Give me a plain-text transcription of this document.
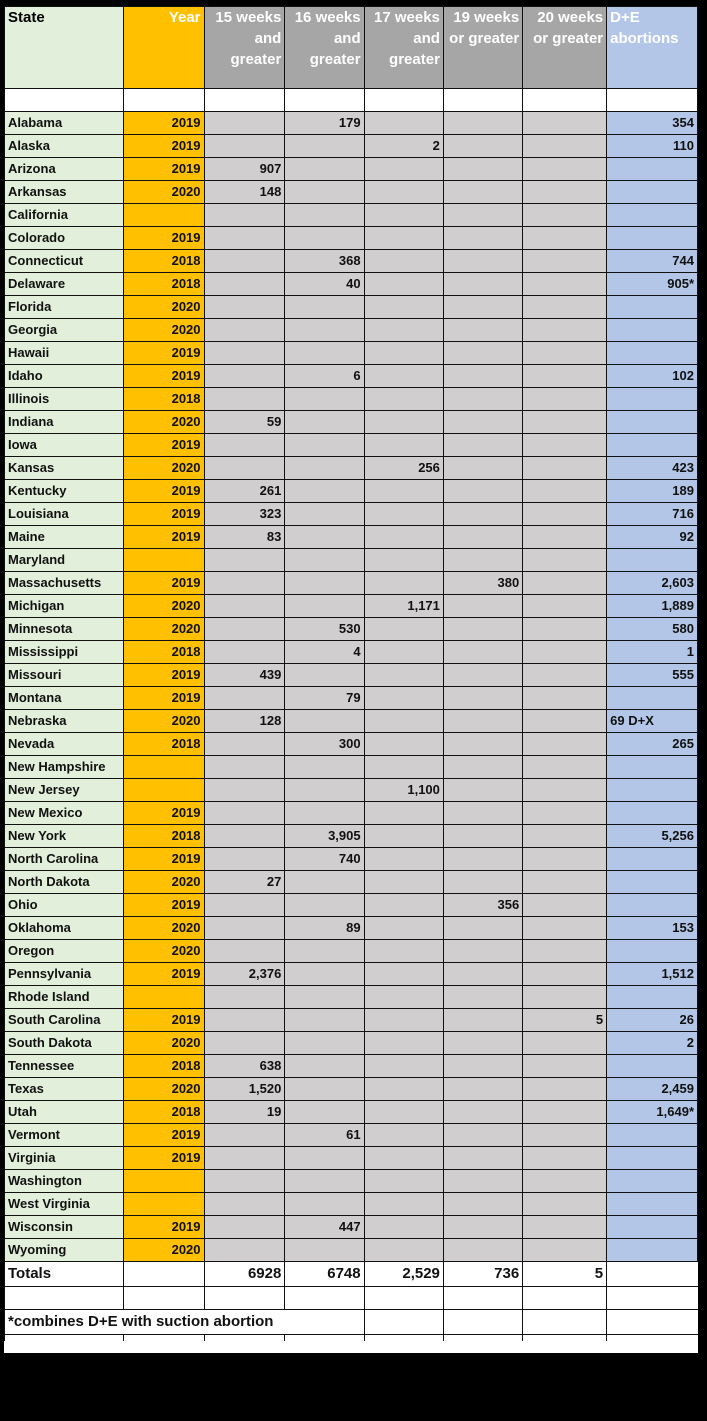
State	Year	15 weeks and greater	16 weeks and greater	17 weeks and greater	19 weeks or greater	20 weeks or greater	D+E abortions

Alabama	2019		179				354
Alaska	2019			2			110
Arizona	2019	907					
Arkansas	2020	148					
California							
Colorado	2019						
Connecticut	2018		368				744
Delaware	2018		40				905*
Florida	2020						
Georgia	2020						
Hawaii	2019						
Idaho	2019		6				102
Illinois	2018						
Indiana	2020	59					
Iowa	2019						
Kansas	2020			256			423
Kentucky	2019	261					189
Louisiana	2019	323					716
Maine	2019	83					92
Maryland							
Massachusetts	2019				380		2,603
Michigan	2020			1,171			1,889
Minnesota	2020		530				580
Mississippi	2018		4				1
Missouri	2019	439					555
Montana	2019		79				
Nebraska	2020	128					69 D+X
Nevada	2018		300				265
New Hampshire							
New Jersey				1,100			
New Mexico	2019						
New York	2018		3,905				5,256
North Carolina	2019		740				
North Dakota	2020	27					
Ohio	2019				356		
Oklahoma	2020		89				153
Oregon	2020						
Pennsylvania	2019	2,376					1,512
Rhode Island							
South Carolina	2019					5	26
South Dakota	2020						2
Tennessee	2018	638					
Texas	2020	1,520					2,459
Utah	2018	19					1,649*
Vermont	2019		61				
Virginia	2019						
Washington							
West Virginia							
Wisconsin	2019		447				
Wyoming	2020						
Totals		6928	6748	2,529	736	5	

*combines D+E with suction abortion							
